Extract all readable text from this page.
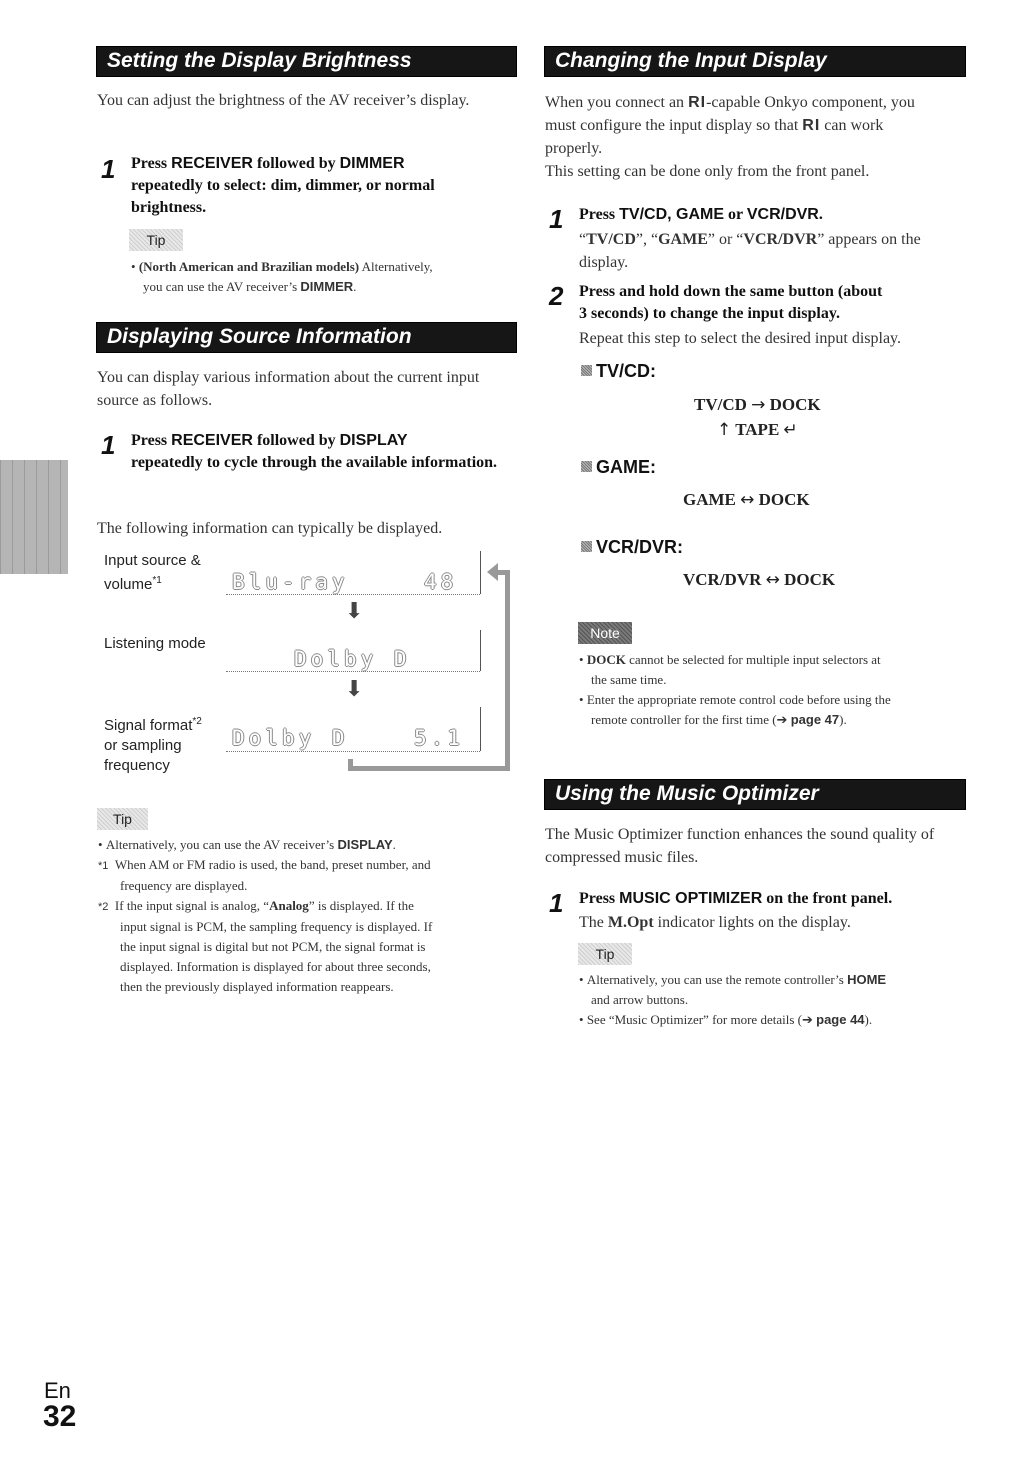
Setting the Display Brightness
You can adjust the brightness of the AV receiver’s display.
1 Press RECEIVER followed by DIMMER
repeatedly to select: dim, dimmer, or normal brightness.
Tip
• (North American and Brazilian models) Alternatively,
you can use the AV receiver’s DIMMER.
Displaying Source Information
You can display various information about the current input source as follows.
1 Press RECEIVER followed by DISPLAY
repeatedly to cycle through the available information.
The following information can typically be displayed.
Input source &
volume$^{*1}$	Blu-ray	48
⬇
Listening mode
Dolby D
⬇
Signal format$^{*2}$
or sampling
frequency
Dolby D	5.1
Tip
• Alternatively, you can use the AV receiver’s DISPLAY.
*1 When AM or FM radio is used, the band, preset number, and
frequency are displayed.
*2 If the input signal is analog, “Analog” is displayed. If the
input signal is PCM, the sampling frequency is displayed. If
the input signal is digital but not PCM, the signal format is
displayed. Information is displayed for about three seconds,
then the previously displayed information reappears.
Changing the Input Display
When you connect an RI-capable Onkyo component, you
must configure the input display so that RI can work
properly.
This setting can be done only from the front panel.
1 Press TV/CD, GAME or VCR/DVR.
“TV/CD”, “GAME” or “VCR/DVR” appears on the
display.
2 Press and hold down the same button (about
3 seconds) to change the input display.
Repeat this step to select the desired input display.
TV/CD:
TV/CD → DOCK
↑ TAPE ↵
GAME:
GAME ↔ DOCK
VCR/DVR:
VCR/DVR ↔ DOCK
Note
• DOCK cannot be selected for multiple input selectors at
the same time.
• Enter the appropriate remote control code before using the
remote controller for the first time (➔ page 47).
Using the Music Optimizer
The Music Optimizer function enhances the sound quality of compressed music files.
1 Press MUSIC OPTIMIZER on the front panel.
The M.Opt indicator lights on the display.
Tip
• Alternatively, you can use the remote controller’s HOME
and arrow buttons.
• See “Music Optimizer” for more details (➔ page 44).
En
32
